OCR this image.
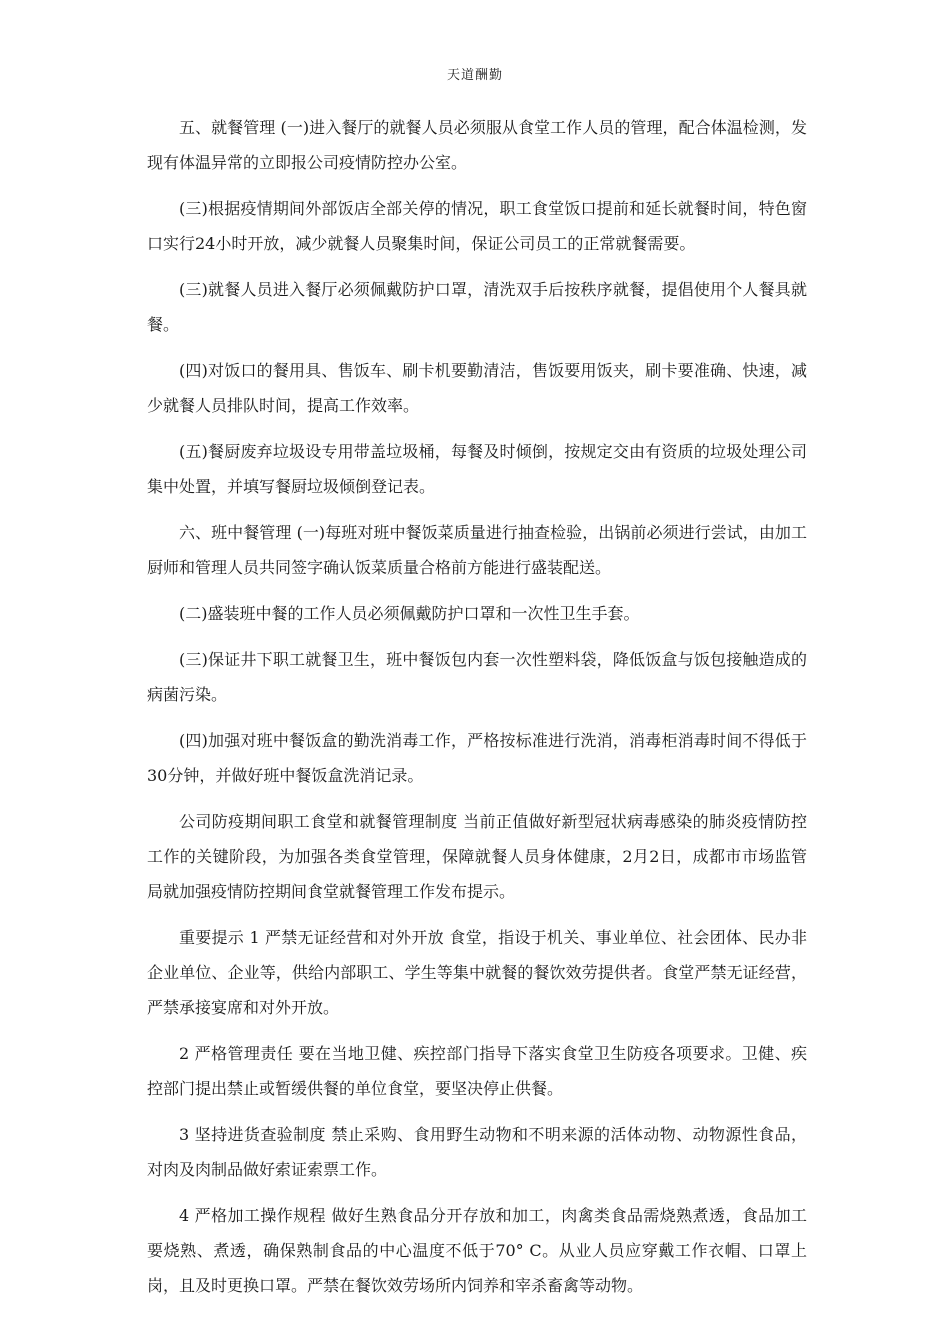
天道酬勤

五、就餐管理 (一)进入餐厅的就餐人员必须服从食堂工作人员的管理，配合体温检测，发现有体温异常的立即报公司疫情防控办公室。

(三)根据疫情期间外部饭店全部关停的情况，职工食堂饭口提前和延长就餐时间，特色窗口实行24小时开放，减少就餐人员聚集时间，保证公司员工的正常就餐需要。

(三)就餐人员进入餐厅必须佩戴防护口罩，清洗双手后按秩序就餐，提倡使用个人餐具就餐。

(四)对饭口的餐用具、售饭车、刷卡机要勤清洁，售饭要用饭夹，刷卡要准确、快速，减少就餐人员排队时间，提高工作效率。

(五)餐厨废弃垃圾设专用带盖垃圾桶，每餐及时倾倒，按规定交由有资质的垃圾处理公司集中处置，并填写餐厨垃圾倾倒登记表。

六、班中餐管理 (一)每班对班中餐饭菜质量进行抽查检验，出锅前必须进行尝试，由加工厨师和管理人员共同签字确认饭菜质量合格前方能进行盛装配送。

(二)盛装班中餐的工作人员必须佩戴防护口罩和一次性卫生手套。

(三)保证井下职工就餐卫生，班中餐饭包内套一次性塑料袋，降低饭盒与饭包接触造成的病菌污染。

(四)加强对班中餐饭盒的勤洗消毒工作，严格按标准进行洗消，消毒柜消毒时间不得低于30分钟，并做好班中餐饭盒洗消记录。

公司防疫期间职工食堂和就餐管理制度 当前正值做好新型冠状病毒感染的肺炎疫情防控工作的关键阶段，为加强各类食堂管理，保障就餐人员身体健康，2月2日，成都市市场监管局就加强疫情防控期间食堂就餐管理工作发布提示。

重要提示 1 严禁无证经营和对外开放 食堂，指设于机关、事业单位、社会团体、民办非企业单位、企业等，供给内部职工、学生等集中就餐的餐饮效劳提供者。食堂严禁无证经营，严禁承接宴席和对外开放。

2 严格管理责任 要在当地卫健、疾控部门指导下落实食堂卫生防疫各项要求。卫健、疾控部门提出禁止或暂缓供餐的单位食堂，要坚决停止供餐。

3 坚持进货查验制度 禁止采购、食用野生动物和不明来源的活体动物、动物源性食品，对肉及肉制品做好索证索票工作。

4 严格加工操作规程 做好生熟食品分开存放和加工，肉禽类食品需烧熟煮透，食品加工要烧熟、煮透，确保熟制食品的中心温度不低于70° C。从业人员应穿戴工作衣帽、口罩上岗，且及时更换口罩。严禁在餐饮效劳场所内饲养和宰杀畜禽等动物。
